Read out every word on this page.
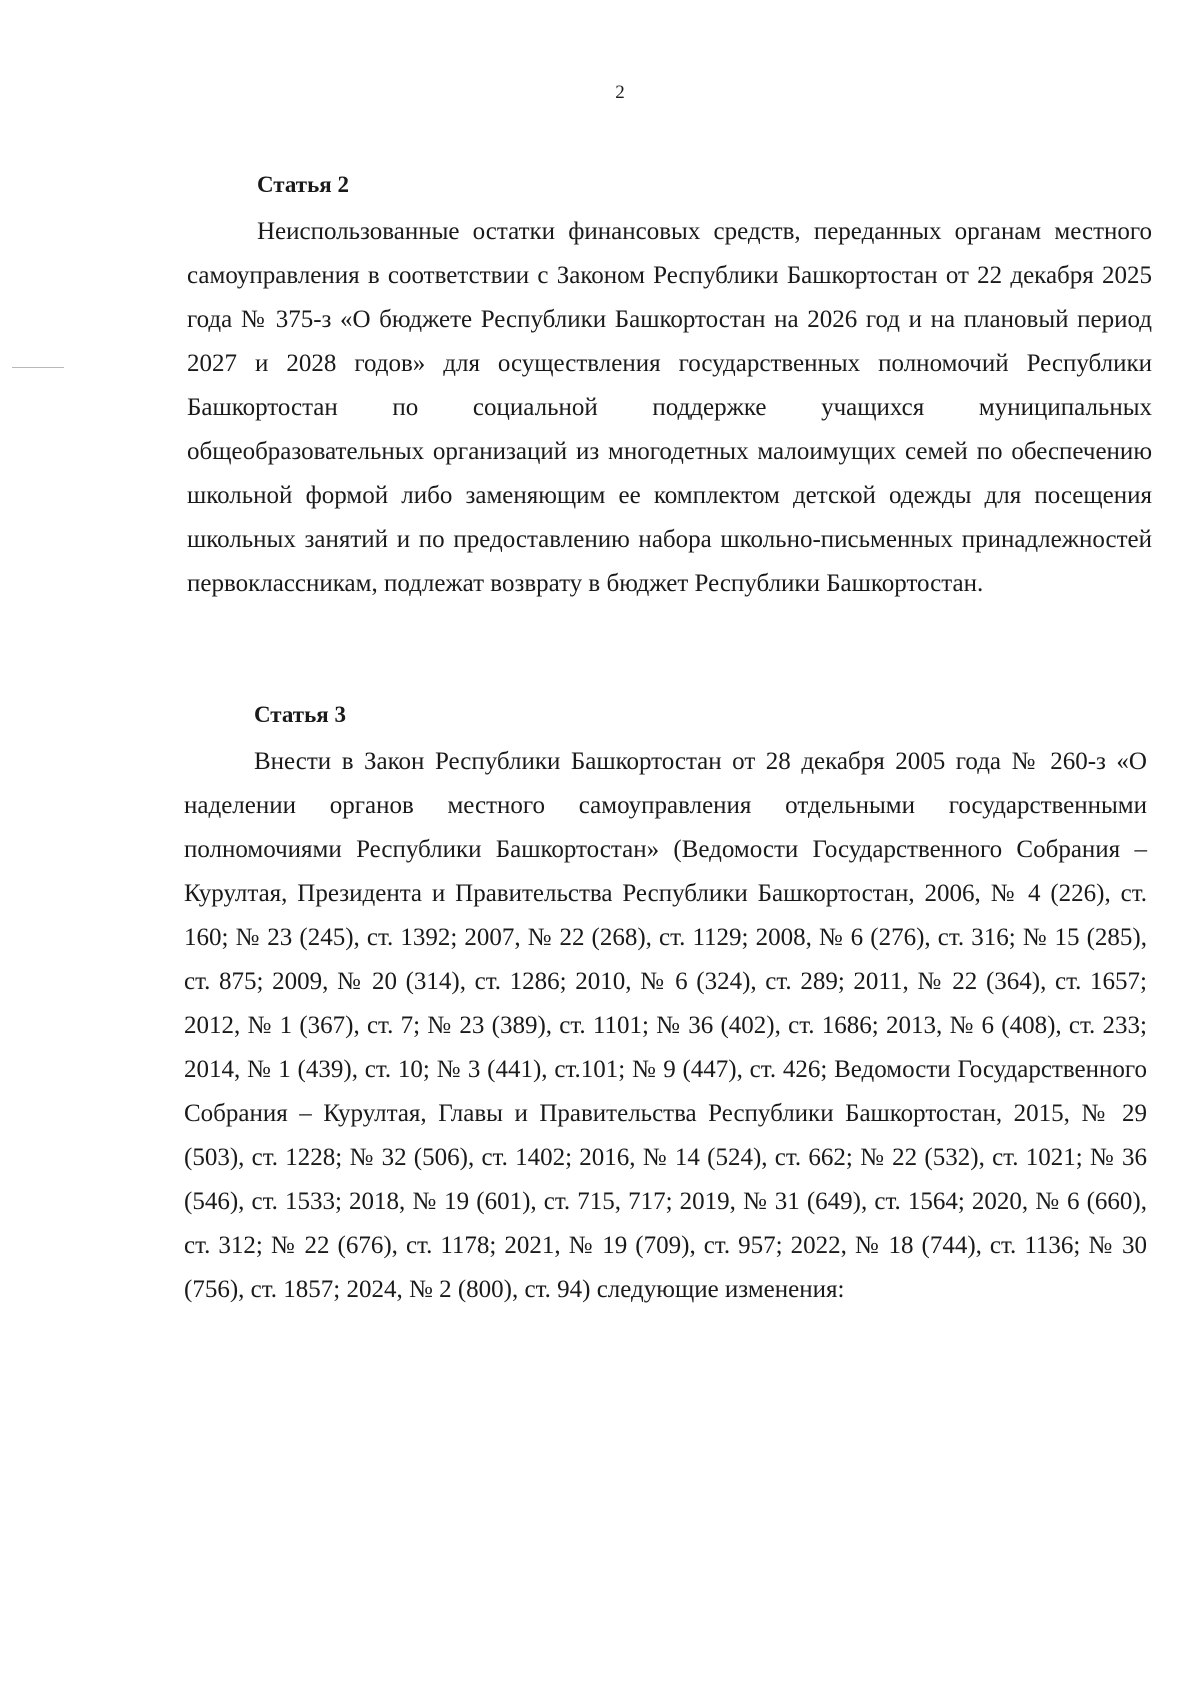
2
Статья 2

Неиспользованные остатки финансовых средств, переданных органам местного самоуправления в соответствии с Законом Республики Башкортостан от 22 декабря 2025 года № 375-з «О бюджете Республики Башкортостан на 2026 год и на плановый период 2027 и 2028 годов» для осуществления государственных полномочий Республики Башкортостан по социальной поддержке учащихся муниципальных общеобразовательных организаций из многодетных малоимущих семей по обеспечению школьной формой либо заменяющим ее комплектом детской одежды для посещения школьных занятий и по предоставлению набора школьно-письменных принадлежностей первоклассникам, подлежат возврату в бюджет Республики Башкортостан.

Статья 3

Внести в Закон Республики Башкортостан от 28 декабря 2005 года № 260-з «О наделении органов местного самоуправления отдельными государственными полномочиями Республики Башкортостан» (Ведомости Государственного Собрания – Курултая, Президента и Правительства Республики Башкортостан, 2006, № 4 (226), ст. 160; № 23 (245), ст. 1392; 2007, № 22 (268), ст. 1129; 2008, № 6 (276), ст. 316; № 15 (285), ст. 875; 2009, № 20 (314), ст. 1286; 2010, № 6 (324), ст. 289; 2011, № 22 (364), ст. 1657; 2012, № 1 (367), ст. 7; № 23 (389), ст. 1101; № 36 (402), ст. 1686; 2013, № 6 (408), ст. 233; 2014, № 1 (439), ст. 10; № 3 (441), ст.101; № 9 (447), ст. 426; Ведомости Государственного Собрания – Курултая, Главы и Правительства Республики Башкортостан, 2015, № 29 (503), ст. 1228; № 32 (506), ст. 1402; 2016, № 14 (524), ст. 662; № 22 (532), ст. 1021; № 36 (546), ст. 1533; 2018, № 19 (601), ст. 715, 717; 2019, № 31 (649), ст. 1564; 2020, № 6 (660), ст. 312; № 22 (676), ст. 1178; 2021, № 19 (709), ст. 957; 2022, № 18 (744), ст. 1136; № 30 (756), ст. 1857; 2024, № 2 (800), ст. 94) следующие изменения:
